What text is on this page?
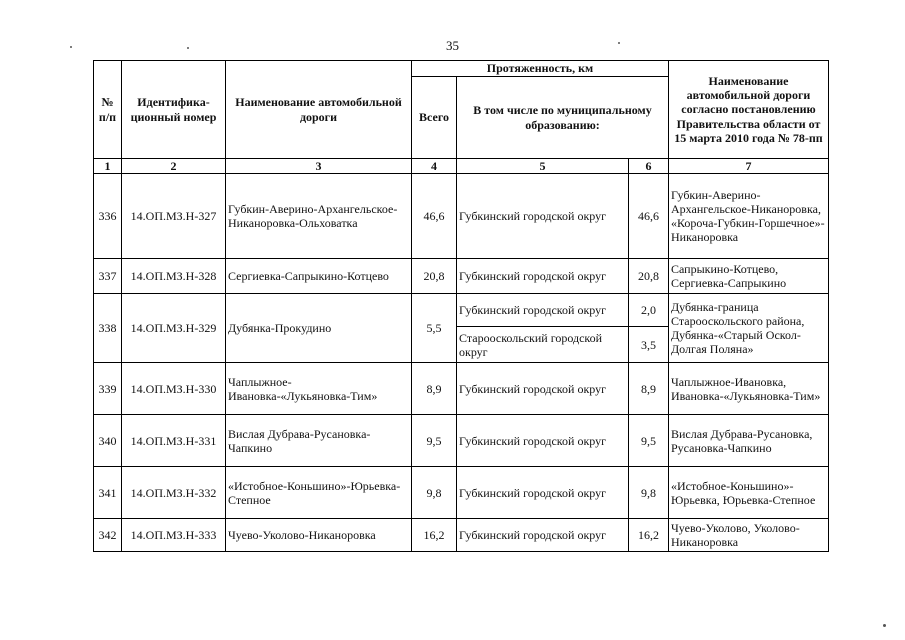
35
№ п/п	Идентифика-ционный номер	Наименование автомобильной дороги	Протяженность, км			Наименование автомобильной дороги согласно постановлению Правительства области от 15 марта 2010 года № 78-пп
			Всего	В том числе по муниципальному образованию:		
1	2	3	4	5	6	7
336	14.ОП.МЗ.Н-327	Губкин-Аверино-Архангельское-Никаноровка-Ольховатка	46,6	Губкинский городской округ	46,6	Губкин-Аверино-Архангельское-Никаноровка, «Короча-Губкин-Горшечное»-Никаноровка
337	14.ОП.МЗ.Н-328	Сергиевка-Сапрыкино-Котцево	20,8	Губкинский городской округ	20,8	Сапрыкино-Котцево, Сергиевка-Сапрыкино
338	14.ОП.МЗ.Н-329	Дубянка-Прокудино	5,5	Губкинский городской округ	2,0	Дубянка-граница Старооскольского района, Дубянка-«Старый Оскол-Долгая Поляна»
				Старооскольский городской округ	3,5	
339	14.ОП.МЗ.Н-330	Чаплыжное-Ивановка-«Лукьяновка-Тим»	8,9	Губкинский городской округ	8,9	Чаплыжное-Ивановка, Ивановка-«Лукьяновка-Тим»
340	14.ОП.МЗ.Н-331	Вислая Дубрава-Русановка-Чапкино	9,5	Губкинский городской округ	9,5	Вислая Дубрава-Русановка, Русановка-Чапкино
341	14.ОП.МЗ.Н-332	«Истобное-Коньшино»-Юрьевка-Степное	9,8	Губкинский городской округ	9,8	«Истобное-Коньшино»-Юрьевка, Юрьевка-Степное
342	14.ОП.МЗ.Н-333	Чуево-Уколово-Никаноровка	16,2	Губкинский городской округ	16,2	Чуево-Уколово, Уколово-Никаноровка
